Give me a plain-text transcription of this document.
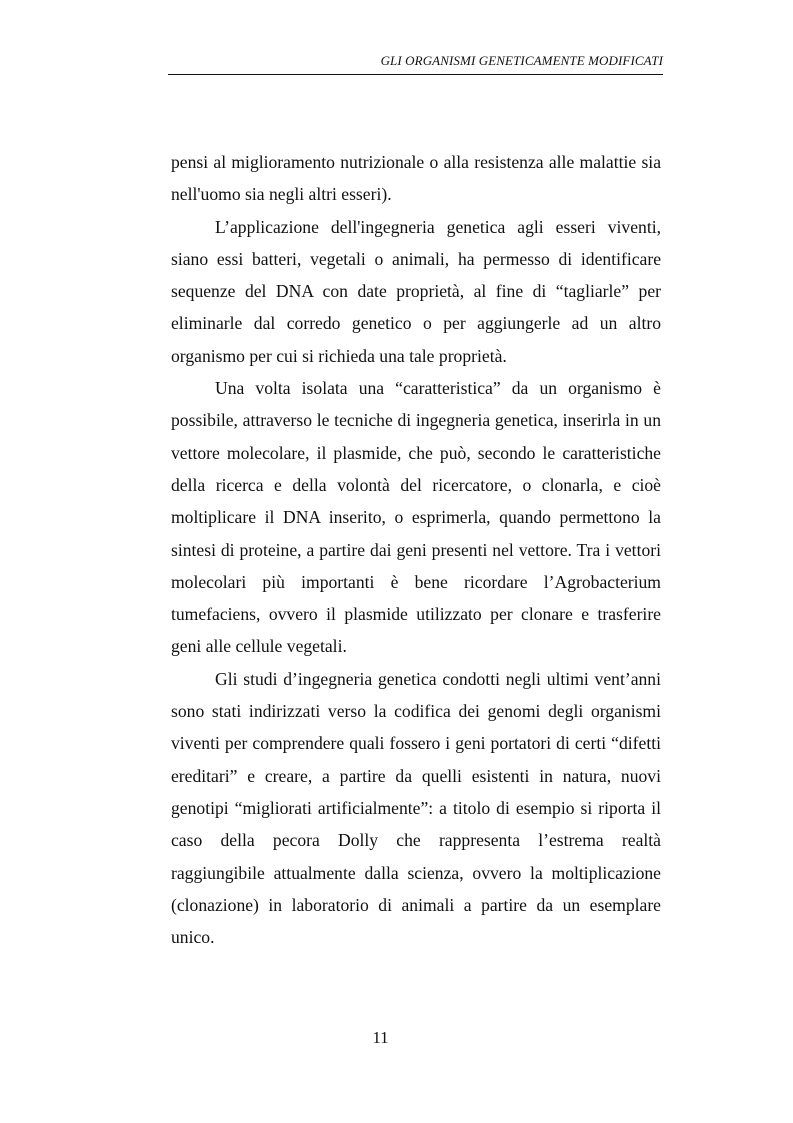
GLI ORGANISMI GENETICAMENTE MODIFICATI

pensi al miglioramento nutrizionale o alla resistenza alle malattie sia nell'uomo sia negli altri esseri).

L’applicazione dell'ingegneria genetica agli esseri viventi, siano essi batteri, vegetali o animali, ha permesso di identificare sequenze del DNA con date proprietà, al fine di “tagliarle” per eliminarle dal corredo genetico o per aggiungerle ad un altro organismo per cui si richieda una tale proprietà.

Una volta isolata una “caratteristica” da un organismo è possibile, attraverso le tecniche di ingegneria genetica, inserirla in un vettore molecolare, il plasmide, che può, secondo le caratteristiche della ricerca e della volontà del ricercatore, o clonarla, e cioè moltiplicare il DNA inserito, o esprimerla, quando permettono la sintesi di proteine, a partire dai geni presenti nel vettore. Tra i vettori molecolari più importanti è bene ricordare l’Agrobacterium tumefaciens, ovvero il plasmide utilizzato per clonare e trasferire geni alle cellule vegetali.

Gli studi d’ingegneria genetica condotti negli ultimi vent’anni sono stati indirizzati verso la codifica dei genomi degli organismi viventi per comprendere quali fossero i geni portatori di certi “difetti ereditari” e creare, a partire da quelli esistenti in natura, nuovi genotipi “migliorati artificialmente”: a titolo di esempio si riporta il caso della pecora Dolly che rappresenta l’estrema realtà raggiungibile attualmente dalla scienza, ovvero la moltiplicazione (clonazione) in laboratorio di animali a partire da un esemplare unico.

11
